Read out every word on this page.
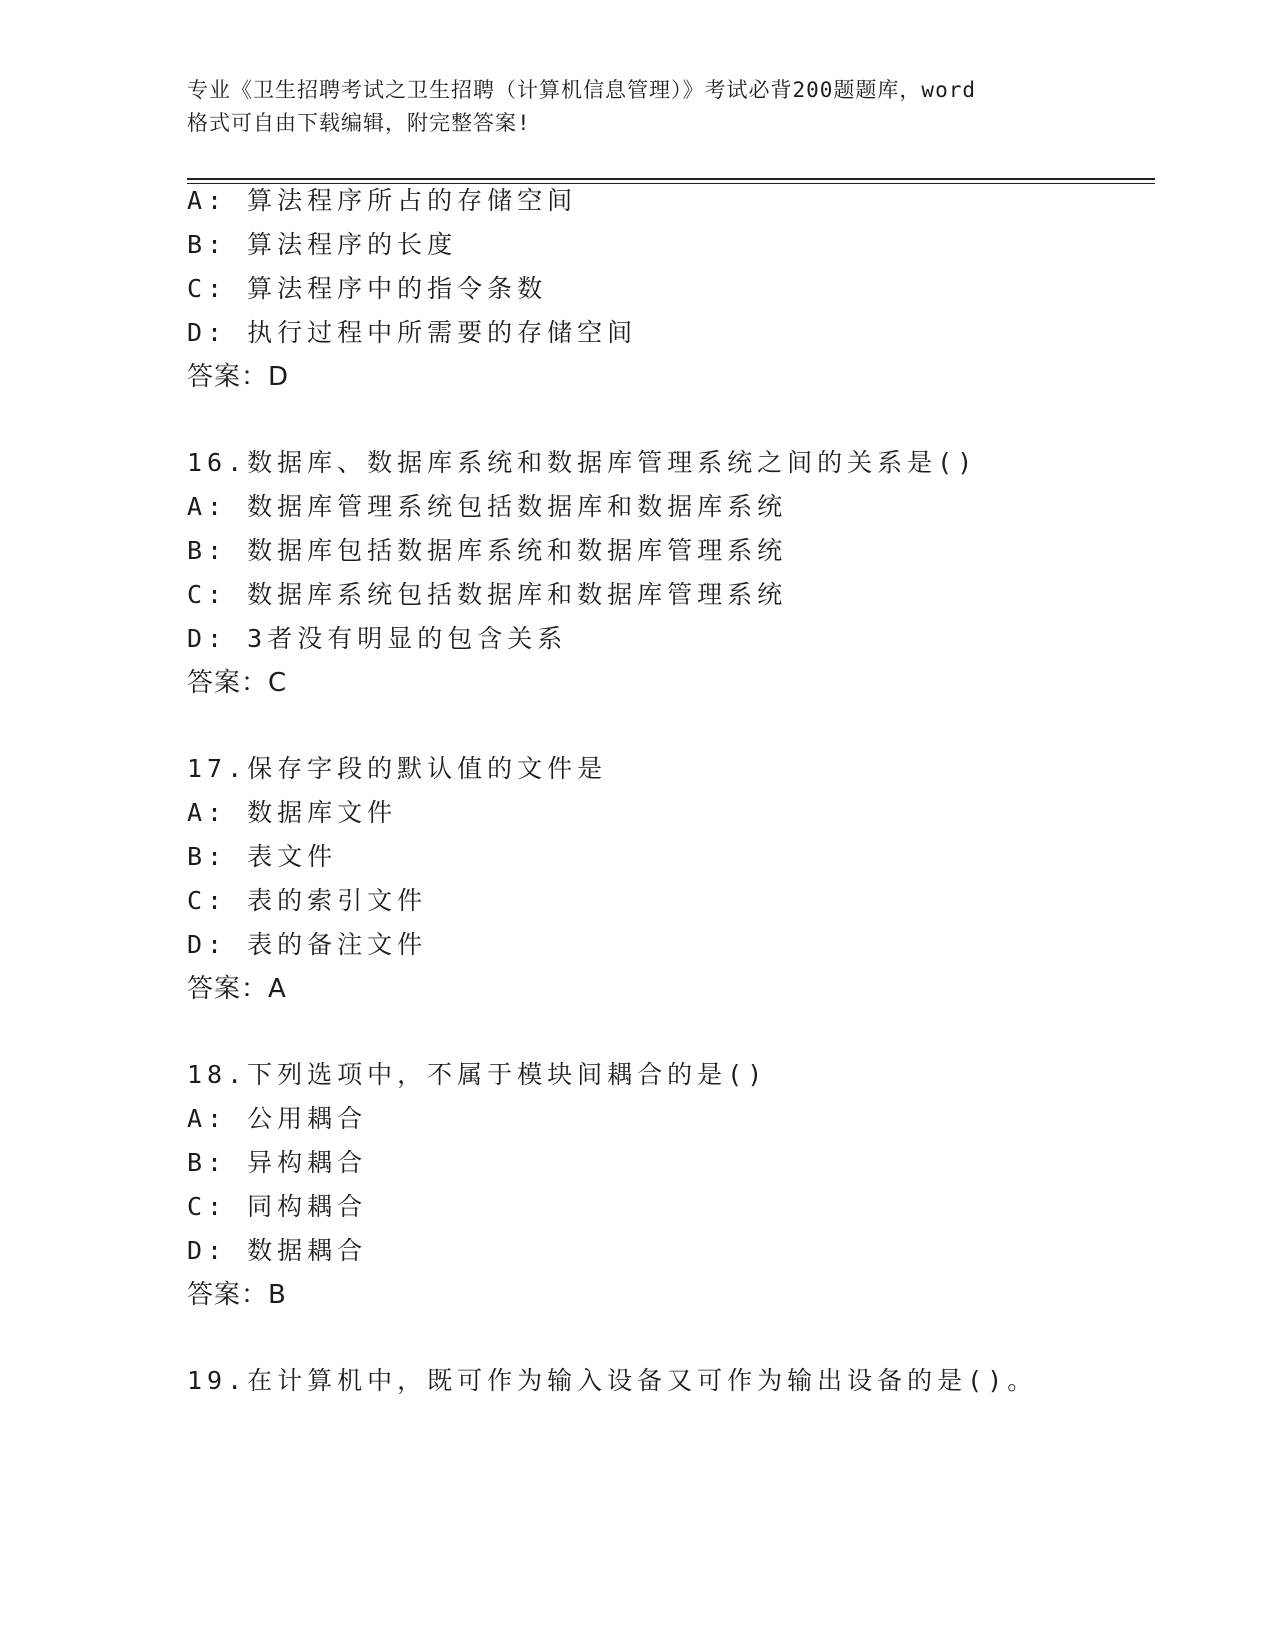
专业《卫生招聘考试之卫生招聘（计算机信息管理）》考试必背200题题库，word
格式可自由下载编辑，附完整答案!
A: 算法程序所占的存储空间
B: 算法程序的长度
C: 算法程序中的指令条数
D: 执行过程中所需要的存储空间
答案：D
16.数据库、数据库系统和数据库管理系统之间的关系是()
A: 数据库管理系统包括数据库和数据库系统
B: 数据库包括数据库系统和数据库管理系统
C: 数据库系统包括数据库和数据库管理系统
D: 3者没有明显的包含关系
答案：C
17.保存字段的默认值的文件是
A: 数据库文件
B: 表文件
C: 表的索引文件
D: 表的备注文件
答案：A
18.下列选项中，不属于模块间耦合的是()
A: 公用耦合
B: 异构耦合
C: 同构耦合
D: 数据耦合
答案：B
19.在计算机中，既可作为输入设备又可作为输出设备的是()。
